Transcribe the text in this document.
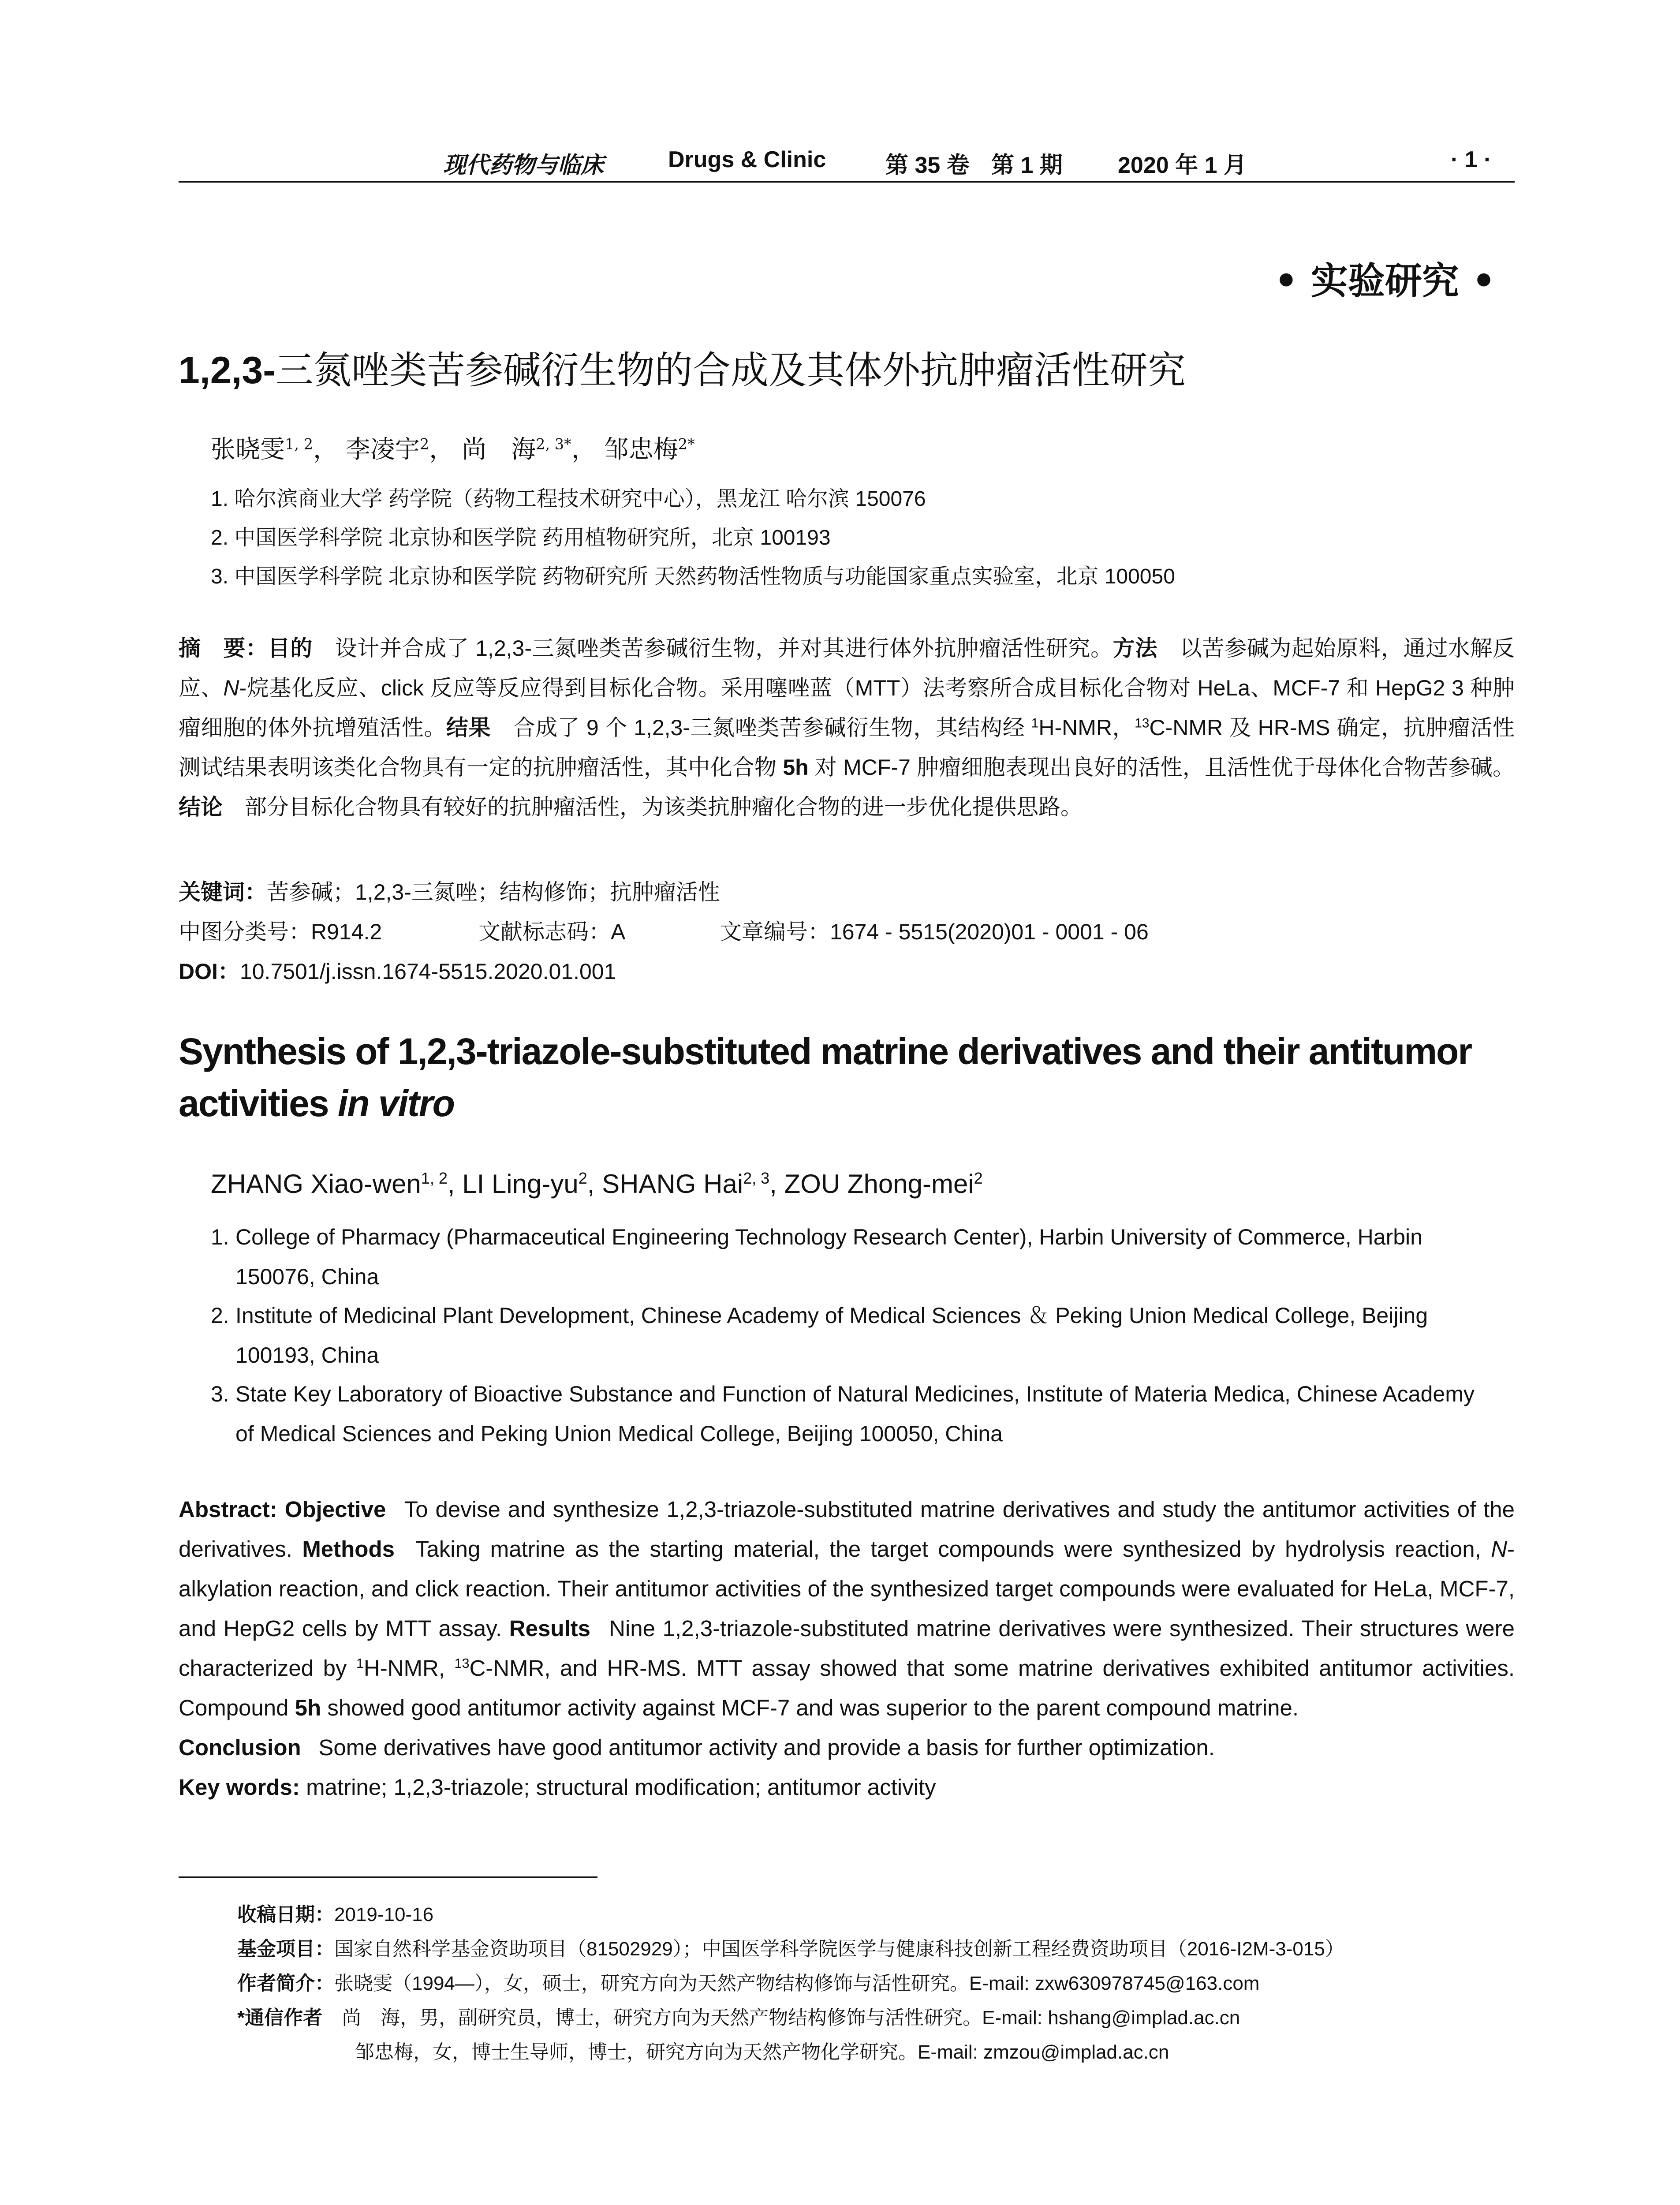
现代药物与临床	Drugs & Clinic	第 35 卷 第 1 期 2020 年 1 月	· 1 ·
• 实验研究 •
1,2,3-三氮唑类苦参碱衍生物的合成及其体外抗肿瘤活性研究
张晓雯$^{1, 2}$， 李凌宇$^2$， 尚　海$^{2, 3*}$， 邹忠梅$^{2*}$
1. 哈尔滨商业大学 药学院（药物工程技术研究中心），黑龙江 哈尔滨 150076
2. 中国医学科学院 北京协和医学院 药用植物研究所，北京 100193
3. 中国医学科学院 北京协和医学院 药物研究所 天然药物活性物质与功能国家重点实验室，北京 100050
摘　要：目的  设计并合成了 1,2,3-三氮唑类苦参碱衍生物，并对其进行体外抗肿瘤活性研究。方法  以苦参碱为起始原料，通过水解反应、N-烷基化反应、click 反应等反应得到目标化合物。采用噻唑蓝（MTT）法考察所合成目标化合物对 HeLa、MCF-7 和 HepG2 3 种肿瘤细胞的体外抗增殖活性。结果  合成了 9 个 1,2,3-三氮唑类苦参碱衍生物，其结构经 $^1$H-NMR，$^{13}$C-NMR 及 HR-MS 确定，抗肿瘤活性测试结果表明该类化合物具有一定的抗肿瘤活性，其中化合物 5h 对 MCF-7 肿瘤细胞表现出良好的活性，且活性优于母体化合物苦参碱。结论  部分目标化合物具有较好的抗肿瘤活性，为该类抗肿瘤化合物的进一步优化提供思路。
关键词：苦参碱；1,2,3-三氮唑；结构修饰；抗肿瘤活性
中图分类号：R914.2	文献标志码：A	文章编号：1674 - 5515(2020)01 - 0001 - 06
DOI：10.7501/j.issn.1674-5515.2020.01.001
Synthesis of 1,2,3-triazole-substituted matrine derivatives and their antitumor
activities in vitro
ZHANG Xiao-wen$^{1, 2}$, LI Ling-$yu^2$, SHANG Hai$^{2, 3}$, ZOU Zhong-mei$^2$
1. College of Pharmacy (Pharmaceutical Engineering Technology Research Center), Harbin University of Commerce, Harbin
150076, China
2. Institute of Medicinal Plant Development, Chinese Academy of Medical Sciences ＆ Peking Union Medical College, Beijing
100193, China
3. State Key Laboratory of Bioactive Substance and Function of Natural Medicines, Institute of Materia Medica, Chinese Academy
of Medical Sciences and Peking Union Medical College, Beijing 100050, China
Abstract: Objective  To devise and synthesize 1,2,3-triazole-substituted matrine derivatives and study the antitumor activities of the derivatives. Methods  Taking matrine as the starting material, the target compounds were synthesized by hydrolysis reaction, N-alkylation reaction, and click reaction. Their antitumor activities of the synthesized target compounds were evaluated for HeLa, MCF-7, and HepG2 cells by MTT assay. Results  Nine 1,2,3-triazole-substituted matrine derivatives were synthesized. Their structures were characterized by $^1$H-NMR, $^{13}$C-NMR, and HR-MS. MTT assay showed that some matrine derivatives exhibited antitumor activities. Compound 5h showed good antitumor activity against MCF-7 and was superior to the parent compound matrine.
Conclusion  Some derivatives have good antitumor activity and provide a basis for further optimization.
Key words: matrine; 1,2,3-triazole; structural modification; antitumor activity
收稿日期：2019-10-16
基金项目：国家自然科学基金资助项目（81502929）；中国医学科学院医学与健康科技创新工程经费资助项目（2016-I2M-3-015）
作者简介：张晓雯（1994—），女，硕士，研究方向为天然产物结构修饰与活性研究。E-mail: zxw630978745@163.com
*通信作者  尚　海，男，副研究员，博士，研究方向为天然产物结构修饰与活性研究。E-mail: hshang@implad.ac.cn
邹忠梅，女，博士生导师，博士，研究方向为天然产物化学研究。E-mail: zmzou@implad.ac.cn
